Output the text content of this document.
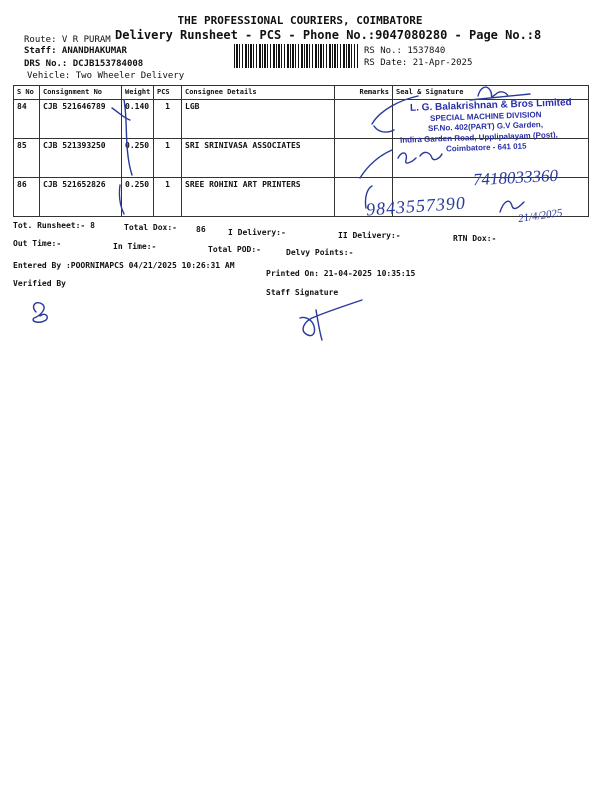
THE PROFESSIONAL COURIERS, COIMBATORE
Delivery Runsheet - PCS - Phone No.:9047080280 - Page No.:8
Route: V R PURAM
Staff: ANANDHAKUMAR
DRS No.: DCJB153784008
Vehicle: Two Wheeler Delivery
RS No.: 1537840
RS Date: 21-Apr-2025
S No	Consignment No	Weight	PCS	Consignee Details	Remarks	Seal & Signature
84	CJB 521646789	0.140	1	LGB		
85	CJB 521393250	0.250	1	SRI SRINIVASA ASSOCIATES		
86	CJB 521652826	0.250	1	SREE ROHINI ART PRINTERS		
Tot. Runsheet:- 8	Total Dox:- 86	I Delivery:-	II Delivery:-	RTN Dox:-
Out Time:-	In Time:-	Total POD:-	Delvy Points:-
Entered By :POORNIMAPCS 04/21/2025 10:26:31 AM
Printed On: 21-04-2025 10:35:15
Verified By
Staff Signature
L. G. Balakrishnan & Bros Limited
SPECIAL MACHINE DIVISION
SF.No. 402(PART) G.V Garden,
Indira Garden Road, Upplipalayam (Post),
Coimbatore - 641 015
7418033360
9843557390	21/4/2025
